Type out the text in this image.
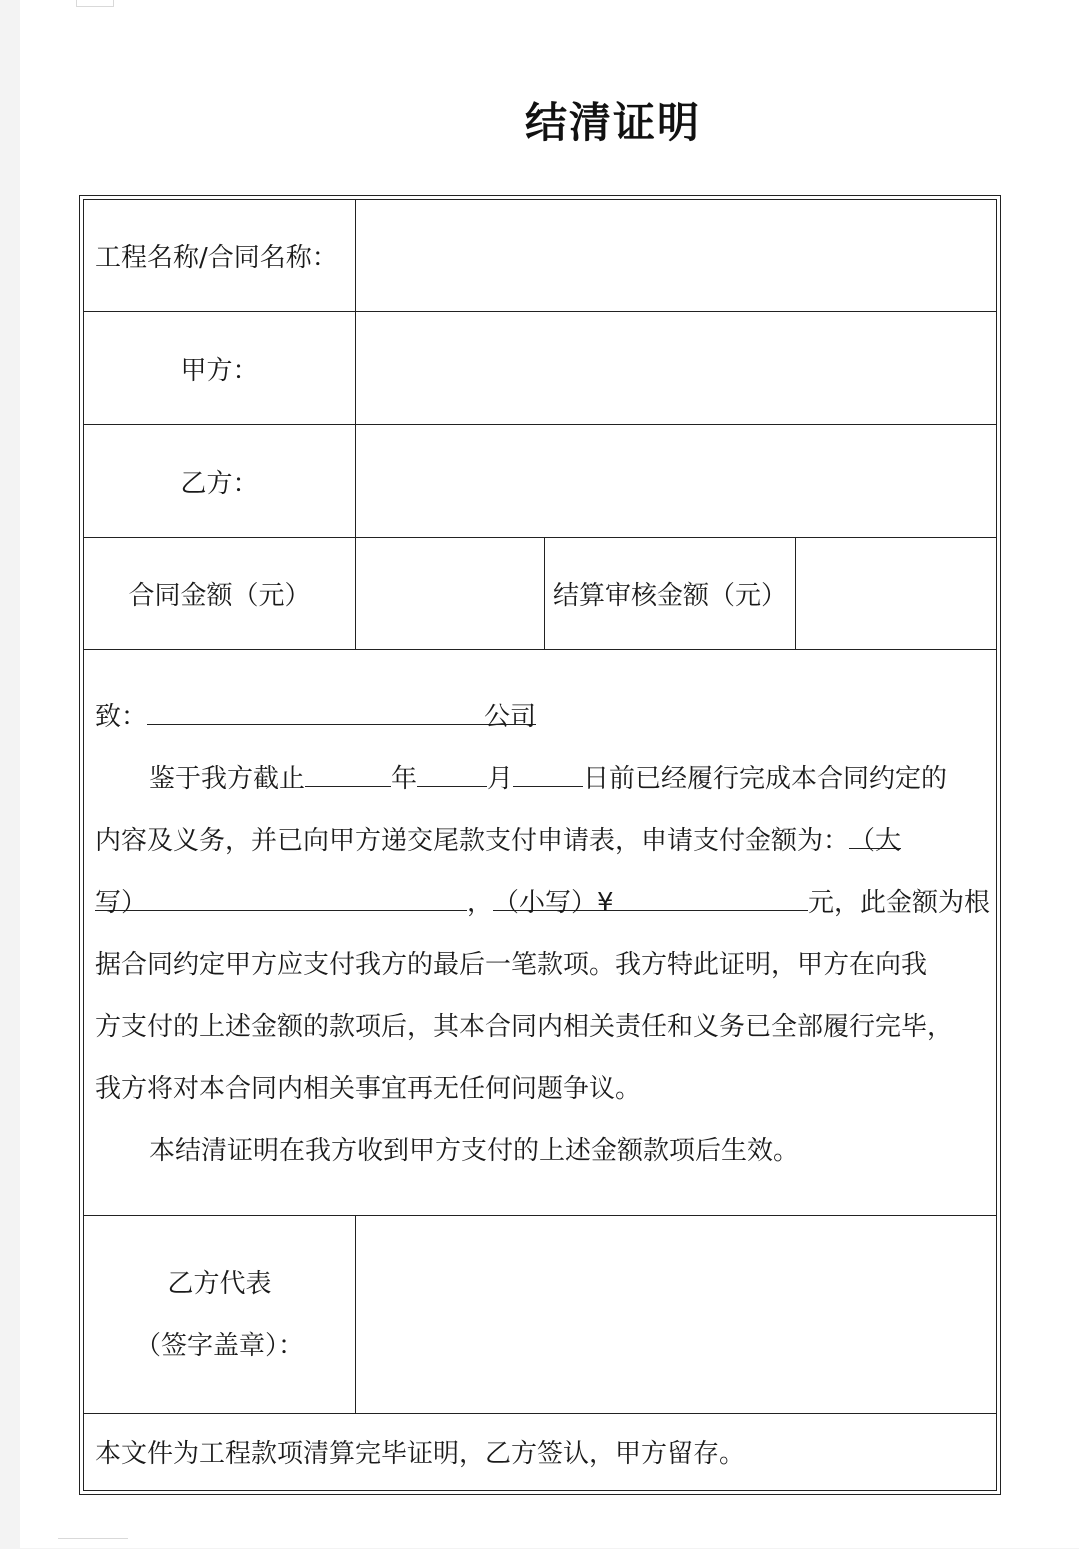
结清证明
工程名称/合同名称：
甲方：
乙方：
合同金额（元）	结算审核金额（元）
致：	公司
鉴于我方截止	年	月	日前已经履行完成本合同约定的
内容及义务，并已向甲方递交尾款支付申请表，申请支付金额为：（大
写）	，（小写）¥	元，此金额为根
据合同约定甲方应支付我方的最后一笔款项。我方特此证明，甲方在向我
方支付的上述金额的款项后，其本合同内相关责任和义务已全部履行完毕，
我方将对本合同内相关事宜再无任何问题争议。
本结清证明在我方收到甲方支付的上述金额款项后生效。
乙方代表
（签字盖章）：
本文件为工程款项清算完毕证明，乙方签认，甲方留存。
